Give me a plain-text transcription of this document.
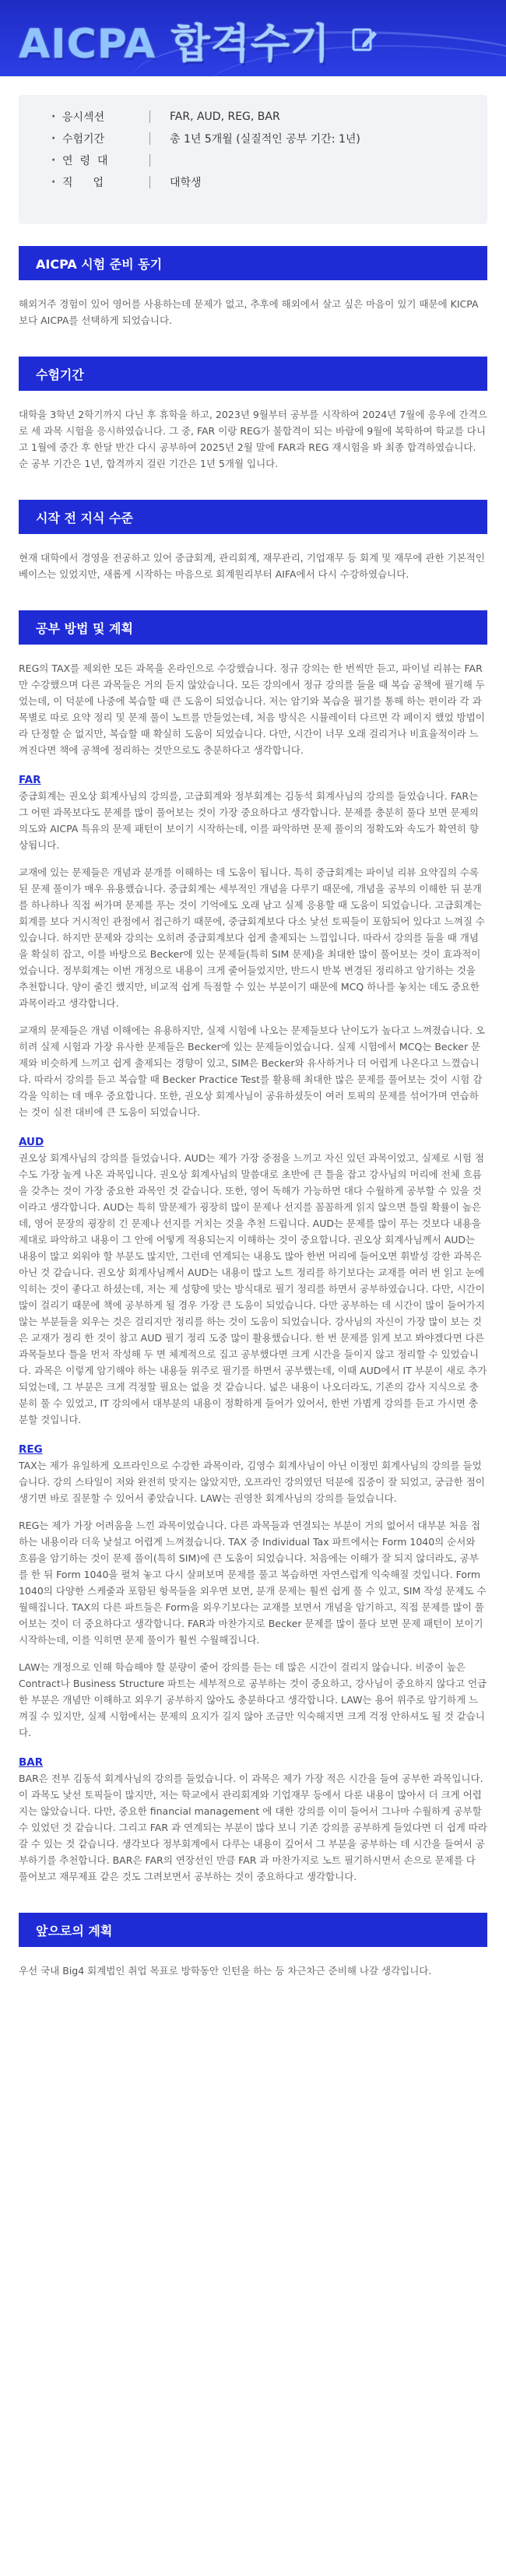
AICPA 합격수기
· 응시섹션	FAR, AUD, REG, BAR
· 수험기간	총 1년 5개월 (실질적인 공부 기간: 1년)
· 연령대
· 직업	대학생
AICPA 시험 준비 동기

해외거주 경험이 있어 영어를 사용하는데 문제가 없고, 추후에 해외에서 살고 싶은 마음이 있기 때문에 KICPA 보다 AICPA를 선택하게 되었습니다.

수험기간

대학을 3학년 2학기까지 다닌 후 휴학을 하고, 2023년 9월부터 공부를 시작하여 2024년 7월에 응우에 간격으로 세 과목 시험을 응시하였습니다. 그 중, FAR 이랑 REG가 불합격이 되는 바람에 9월에 복학하여 학교를 다니고 1월에 중간 후 한달 반간 다시 공부하여 2025년 2월 말에 FAR과 REG 재시험을 봐 최종 합격하였습니다. 순 공부 기간은 1년, 합격까지 걸린 기간은 1년 5개월 입니다.

시작 전 지식 수준

현재 대학에서 경영을 전공하고 있어 중급회계, 관리회계, 재무관리, 기업재무 등 회계 및 재무에 관한 기본적인 베이스는 있었지만, 새롭게 시작하는 마음으로 회계원리부터 AIFA에서 다시 수강하였습니다.

공부 방법 및 계획

REG의 TAX를 제외한 모든 과목을 온라인으로 수강했습니다. 정규 강의는 한 번씩만 듣고, 파이널 리뷰는 FAR만 수강했으며 다른 과목들은 거의 듣지 않았습니다. 모든 강의에서 정규 강의를 들을 때 복습 공책에 필기해 두었는데, 이 덕분에 나중에 복습할 때 큰 도움이 되었습니다. 저는 암기와 복습을 필기를 통해 하는 편이라 각 과목별로 따로 요약 정리 및 문제 풀이 노트를 만들었는데, 처음 방식은 시뮬레이터 다르면 각 페이지 했었 방법이라 단정할 순 없지만, 복습할 때 확실히 도움이 되었습니다. 다만, 시간이 너무 오래 걸리거나 비효율적이라 느껴진다면 책에 공책에 정리하는 것만으로도 충분하다고 생각합니다.

FAR

중급회계는 권오상 회계사님의 강의를, 고급회계와 정부회계는 김동석 회계사님의 강의를 들었습니다. FAR는 그 어떤 과목보다도 문제를 많이 풀어보는 것이 가장 중요하다고 생각합니다. 문제를 충분히 풀다 보면 문제의 의도와 AICPA 특유의 문제 패턴이 보이기 시작하는데, 이를 파악하면 문제 풀이의 정확도와 속도가 확연히 향상됩니다.

교재에 있는 문제들은 개념과 분개를 이해하는 데 도움이 됩니다. 특히 중급회계는 파이널 리뷰 요약집의 수록된 문제 풀이가 매우 유용했습니다. 중급회계는 세부적인 개념을 다루기 때문에, 개념을 공부의 이해한 뒤 분개를 하나하나 직접 써가며 문제를 푸는 것이 기억에도 오래 남고 실제 응용할 때 도움이 되었습니다. 고급회계는 회계를 보다 거시적인 관점에서 접근하기 때문에, 중급회계보다 다소 낯선 토픽들이 포함되어 있다고 느껴질 수 있습니다. 하지만 문제와 강의는 오히려 중급회계보다 쉽게 출제되는 느낌입니다. 따라서 강의를 들을 때 개념을 확실히 잡고, 이를 바탕으로 Becker에 있는 문제들(특히 SIM 문제)을 최대한 많이 풀어보는 것이 효과적이었습니다. 정부회계는 이번 개정으로 내용이 크게 줄어들었지만, 반드시 반복 변경된 정리하고 암기하는 것을 추천합니다. 양이 줄긴 했지만, 비교적 쉽게 득점할 수 있는 부분이기 때문에 MCQ 하나를 놓치는 데도 중요한 과목이라고 생각합니다.

교재의 문제들은 개념 이해에는 유용하지만, 실제 시험에 나오는 문제들보다 난이도가 높다고 느껴졌습니다. 오히려 실제 시험과 가장 유사한 문제들은 Becker에 있는 문제들이었습니다. 실제 시험에서 MCQ는 Becker 문제와 비슷하게 느끼고 쉽게 출제되는 경향이 있고, SIM은 Becker와 유사하거나 더 어렵게 나온다고 느꼈습니다. 따라서 강의를 듣고 복습할 때 Becker Practice Test를 활용해 최대한 많은 문제를 풀어보는 것이 시험 감각을 익히는 데 매우 중요합니다. 또한, 권오상 회계사님이 공유하셨듯이 여러 토픽의 문제를 섞어가며 연습하는 것이 실전 대비에 큰 도움이 되었습니다.

AUD

권오상 회계사님의 강의를 들었습니다. AUD는 제가 가장 중점을 느끼고 자신 있던 과목이었고, 실제로 시험 점수도 가장 높게 나온 과목입니다. 권오상 회계사님의 말씀대로 초반에 큰 틀을 잡고 강사님의 머리에 전체 흐름을 갖추는 것이 가장 중요한 과목인 것 같습니다. 또한, 영어 독해가 가능하면 대다 수월하게 공부할 수 있을 것이라고 생각합니다. AUD는 특히 말문제가 굉장히 많이 문제나 선지를 꼼꼼하게 읽지 않으면 틀릴 확률이 높은데, 영어 문장의 굉장히 긴 문제나 선지를 거치는 것을 추천 드립니다. AUD는 문제를 많이 푸는 것보다 내용을 제대로 파악하고 내용이 그 안에 어떻게 적용되는지 이해하는 것이 중요합니다. 권오상 회계사님께서 AUD는 내용이 많고 외워야 할 부분도 많지만, 그런데 연계되는 내용도 많아 한번 머리에 들어오면 휘발성 강한 과목은 아닌 것 같습니다. 권오상 회계사님께서 AUD는 내용이 많고 노트 정리를 하기보다는 교재를 여러 번 읽고 눈에 익히는 것이 좋다고 하셨는데, 저는 제 성향에 맞는 방식대로 필기 정리를 하면서 공부하였습니다. 다만, 시간이 많이 걸리기 때문에 책에 공부하게 될 경우 가장 큰 도움이 되었습니다. 다만 공부하는 데 시간이 많이 들어가지 않는 부분들을 외우는 것은 걸리지만 정리를 하는 것이 도움이 되었습니다. 강사님의 자신이 가장 많이 보는 것은 교재가 정리 한 것이 참고 AUD 필기 정리 도중 많이 활용했습니다. 한 번 문제를 읽게 보고 봐야겠다면 다른 과목들보다 틀을 먼저 작성해 두 면 체계적으로 집고 공부했다면 크게 시간을 들이지 않고 정리할 수 있었습니다. 과목은 이렇게 암기해야 하는 내용들 위주로 필기를 하면서 공부했는데, 이때 AUD에서 IT 부분이 새로 추가되었는데, 그 부분은 크게 걱정할 필요는 없을 것 같습니다. 넓은 내용이 나오더라도, 기존의 감사 지식으로 충분히 풀 수 있었고, IT 강의에서 대부분의 내용이 정확하게 들어가 있어서, 한번 가볍게 강의를 듣고 가시면 충분할 것입니다.

REG

TAX는 제가 유일하게 오프라인으로 수강한 과목이라, 김영수 회계사님이 아닌 이정민 회계사님의 강의를 들었습니다. 강의 스타일이 저와 완전히 맞지는 않았지만, 오프라인 강의였던 덕분에 집중이 잘 되었고, 궁금한 점이 생기면 바로 질문할 수 있어서 좋았습니다. LAW는 권영찬 회계사님의 강의를 들었습니다.

REG는 제가 가장 어려움을 느낀 과목이었습니다. 다른 과목들과 연결되는 부분이 거의 없어서 대부분 처음 접하는 내용이라 더욱 낯설고 어렵게 느껴졌습니다. TAX 중 Individual Tax 파트에서는 Form 1040의 순서와 흐름을 암기하는 것이 문제 풀이(특히 SIM)에 큰 도움이 되었습니다. 처음에는 이해가 잘 되지 않더라도, 공부를 한 뒤 Form 1040을 펼쳐 놓고 다시 살펴보며 문제를 풀고 복습하면 자연스럽게 익숙해질 것입니다. Form 1040의 다양한 스케줄과 포함된 항목들을 외우면 보면, 분개 문제는 훨씬 쉽게 풀 수 있고, SIM 작성 문제도 수월해집니다. TAX의 다른 파트들은 Form을 외우기보다는 교재를 보면서 개념을 암기하고, 직접 문제를 많이 풀어보는 것이 더 중요하다고 생각합니다. FAR과 마찬가지로 Becker 문제를 많이 풀다 보면 문제 패턴이 보이기 시작하는데, 이를 익히면 문제 풀이가 훨씬 수월해집니다.

LAW는 개정으로 인해 학습해야 할 분량이 줄어 강의를 듣는 데 많은 시간이 걸리지 않습니다. 비중이 높은 Contract나 Business Structure 파트는 세부적으로 공부하는 것이 중요하고, 강사님이 중요하지 않다고 언급한 부분은 개념만 이해하고 외우기 공부하지 않아도 충분하다고 생각합니다. LAW는 용어 위주로 암기하게 느껴질 수 있지만, 실제 시험에서는 문제의 요지가 길지 않아 조금만 익숙해지면 크게 걱정 안하셔도 될 것 같습니다.

BAR

BAR은 전부 김동석 회계사님의 강의를 들었습니다. 이 과목은 제가 가장 적은 시간을 들여 공부한 과목입니다. 이 과목도 낯선 토픽들이 많지만, 저는 학교에서 관리회계와 기업재무 등에서 다룬 내용이 많아서 더 크게 어렵지는 않았습니다. 다만, 중요한 financial management 에 대한 강의를 이미 들어서 그나마 수월하게 공부할 수 있었던 것 같습니다. 그리고 FAR 과 연계되는 부분이 많다 보니 기존 강의를 공부하게 들었다면 더 쉽게 따라갈 수 있는 것 같습니다. 생각보다 정부회계에서 다루는 내용이 깊어서 그 부분을 공부하는 데 시간을 들여서 공부하기를 추천합니다. BAR은 FAR의 연장선인 만큼 FAR 과 마찬가지로 노트 필기하시면서 손으로 문제를 다 풀어보고 재무제표 같은 것도 그려보면서 공부하는 것이 중요하다고 생각합니다.

앞으로의 계획

우선 국내 Big4 회계법인 취업 목표로 방학동안 인턴을 하는 등 차근차근 준비해 나갈 생각입니다.
